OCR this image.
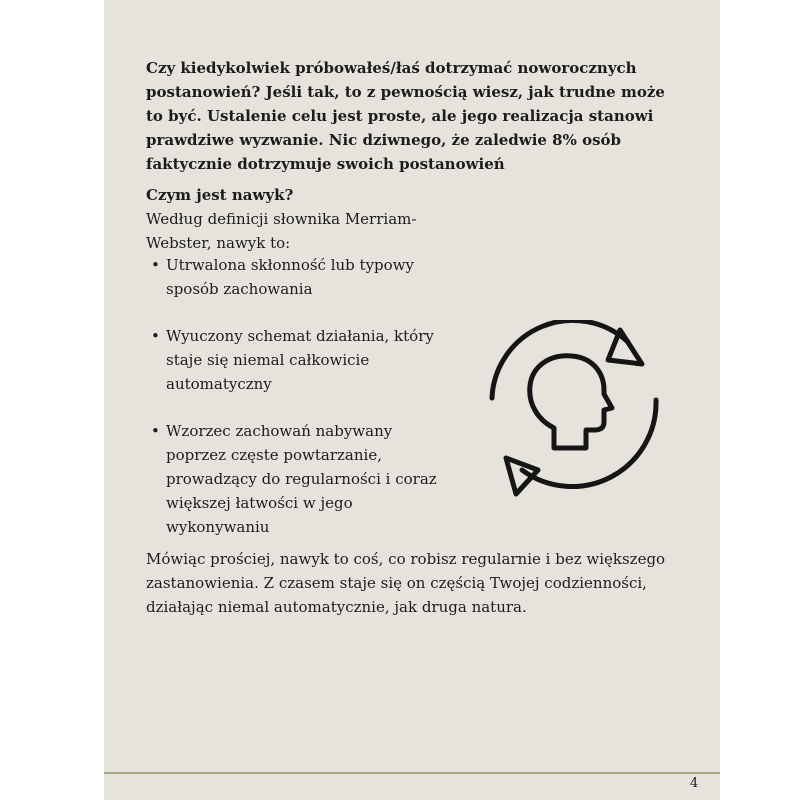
Czy kiedykolwiek próbowałeś/łaś dotrzymać noworocznych postanowień? Jeśli tak, to z pewnością wiesz, jak trudne może to być. Ustalenie celu jest proste, ale jego realizacja stanowi prawdziwe wyzwanie. Nic dziwnego, że zaledwie 8% osób faktycznie dotrzymuje swoich postanowień

Czym jest nawyk?

Według definicji słownika Merriam-Webster, nawyk to:

• Utrwalona skłonność lub typowy sposób zachowania
• Wyuczony schemat działania, który staje się niemal całkowicie automatyczny
• Wzorzec zachowań nabywany poprzez częste powtarzanie, prowadzący do regularności i coraz większej łatwości w jego wykonywaniu

Mówiąc prościej, nawyk to coś, co robisz regularnie i bez większego zastanowienia. Z czasem staje się on częścią Twojej codzienności, działając niemal automatycznie, jak druga natura.

4
